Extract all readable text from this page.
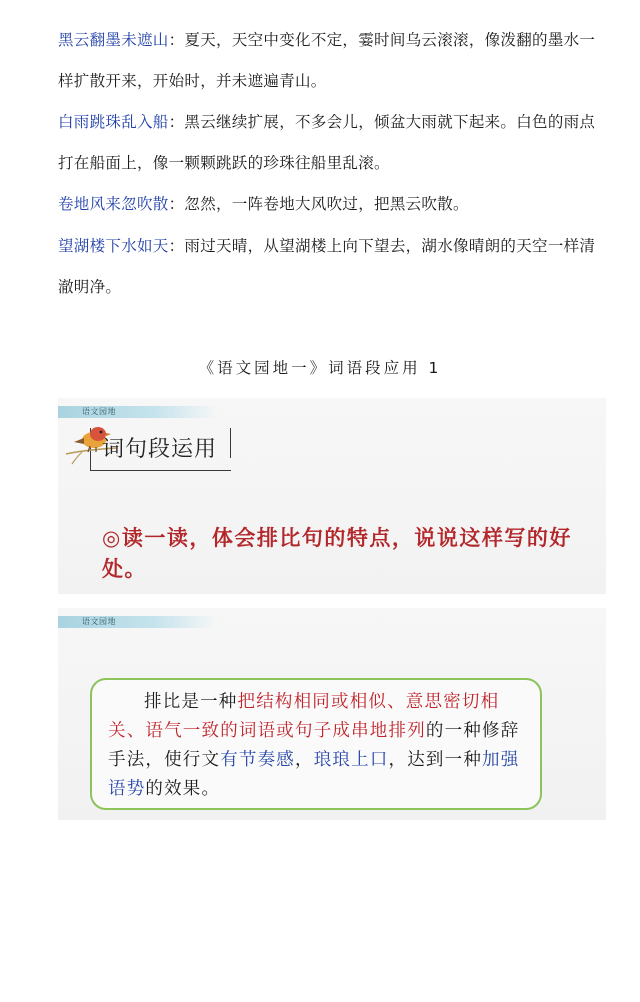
黑云翻墨未遮山：夏天，天空中变化不定，霎时间乌云滚滚，像泼翻的墨水一样扩散开来，开始时，并未遮遍青山。
白雨跳珠乱入船：黑云继续扩展，不多会儿，倾盆大雨就下起来。白色的雨点打在船面上，像一颗颗跳跃的珍珠往船里乱滚。
卷地风来忽吹散：忽然，一阵卷地大风吹过，把黑云吹散。
望湖楼下水如天：雨过天晴，从望湖楼上向下望去，湖水像晴朗的天空一样清澈明净。
《语文园地一》词语段应用 1
语文园地
词句段运用
◎读一读，体会排比句的特点，说说这样写的好处。
语文园地
排比是一种把结构相同或相似、意思密切相关、语气一致的词语或句子成串地排列的一种修辞手法，使行文有节奏感，琅琅上口，达到一种加强语势的效果。
